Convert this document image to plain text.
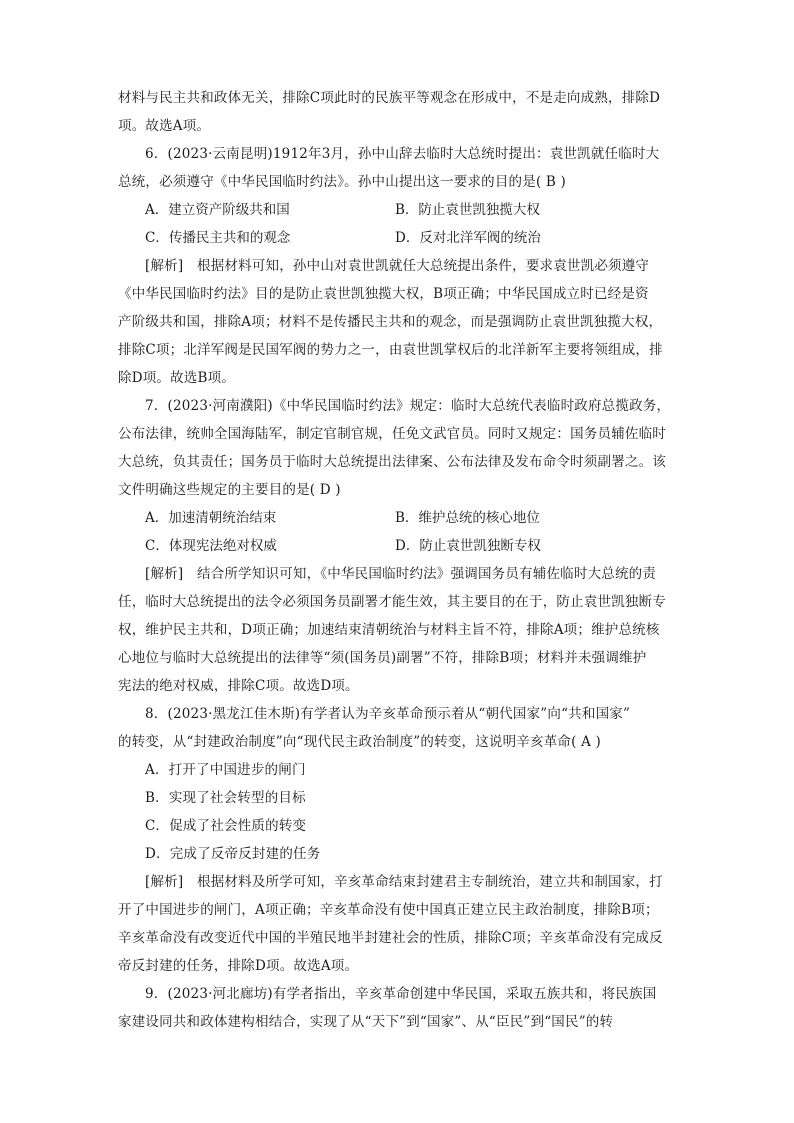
材料与民主共和政体无关，排除C项此时的民族平等观念在形成中，不是走向成熟，排除D
项。故选A项。
6．(2023·云南昆明)1912年3月，孙中山辞去临时大总统时提出：袁世凯就任临时大
总统，必须遵守《中华民国临时约法》。孙中山提出这一要求的目的是( B )
A．建立资产阶级共和国	B．防止袁世凯独揽大权
C．传播民主共和的观念	D．反对北洋军阀的统治
[解析]　根据材料可知，孙中山对袁世凯就任大总统提出条件，要求袁世凯必须遵守
《中华民国临时约法》目的是防止袁世凯独揽大权，B项正确；中华民国成立时已经是资
产阶级共和国，排除A项；材料不是传播民主共和的观念，而是强调防止袁世凯独揽大权，
排除C项；北洋军阀是民国军阀的势力之一，由袁世凯掌权后的北洋新军主要将领组成，排
除D项。故选B项。
7．(2023·河南濮阳)《中华民国临时约法》规定：临时大总统代表临时政府总揽政务，
公布法律，统帅全国海陆军，制定官制官规，任免文武官员。同时又规定：国务员辅佐临时
大总统，负其责任；国务员于临时大总统提出法律案、公布法律及发布命令时须副署之。该
文件明确这些规定的主要目的是( D )
A．加速清朝统治结束	B．维护总统的核心地位
C．体现宪法绝对权威	D．防止袁世凯独断专权
[解析]　结合所学知识可知，《中华民国临时约法》强调国务员有辅佐临时大总统的责
任，临时大总统提出的法令必须国务员副署才能生效，其主要目的在于，防止袁世凯独断专
权，维护民主共和，D项正确；加速结束清朝统治与材料主旨不符，排除A项；维护总统核
心地位与临时大总统提出的法律等“须(国务员)副署”不符，排除B项；材料并未强调维护
宪法的绝对权威，排除C项。故选D项。
8．(2023·黑龙江佳木斯)有学者认为辛亥革命预示着从“朝代国家”向“共和国家”
的转变，从“封建政治制度”向“现代民主政治制度”的转变，这说明辛亥革命( A )
A．打开了中国进步的闸门
B．实现了社会转型的目标
C．促成了社会性质的转变
D．完成了反帝反封建的任务
[解析]　根据材料及所学可知，辛亥革命结束封建君主专制统治，建立共和制国家，打
开了中国进步的闸门，A项正确；辛亥革命没有使中国真正建立民主政治制度，排除B项；
辛亥革命没有改变近代中国的半殖民地半封建社会的性质，排除C项；辛亥革命没有完成反
帝反封建的任务，排除D项。故选A项。
9．(2023·河北廊坊)有学者指出，辛亥革命创建中华民国，采取五族共和，将民族国
家建设同共和政体建构相结合，实现了从“天下”到“国家”、从“臣民”到“国民”的转
